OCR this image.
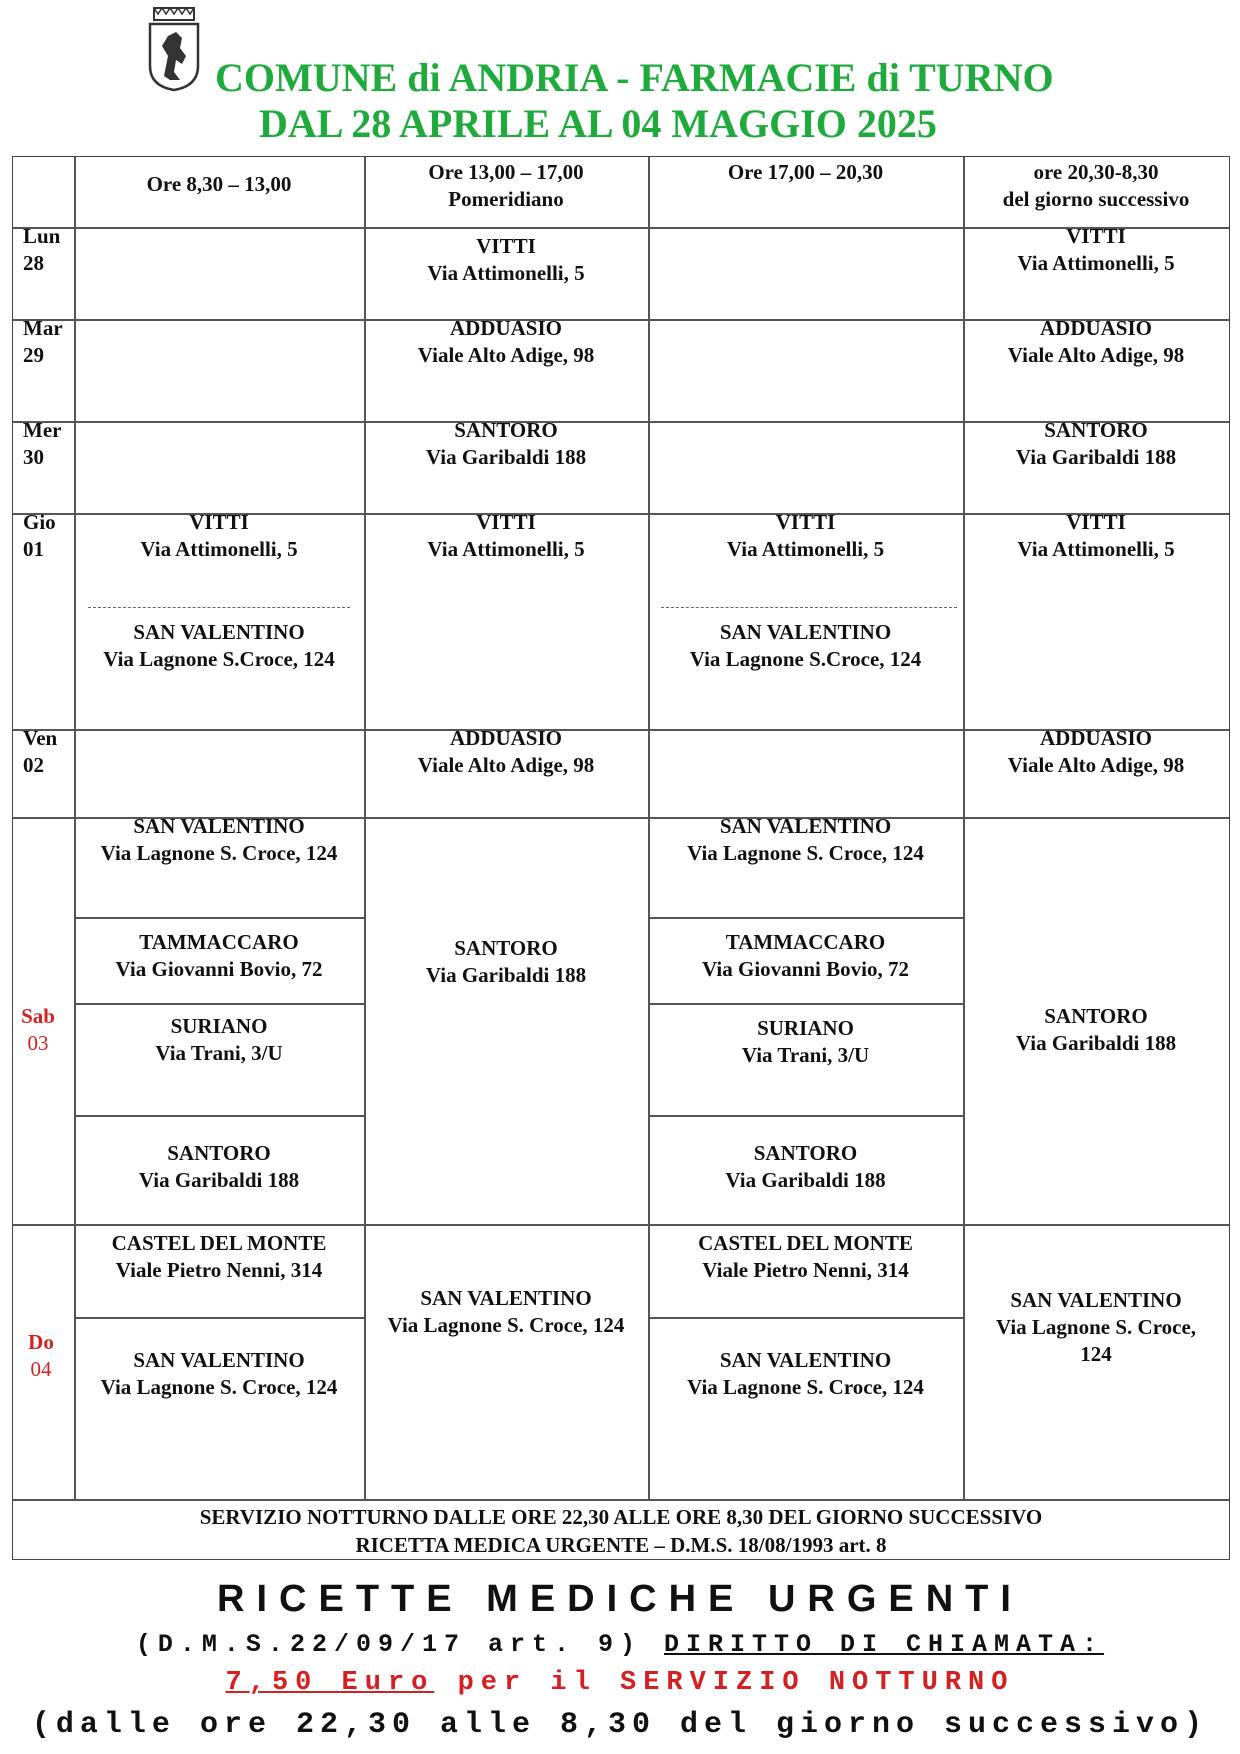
COMUNE di ANDRIA - FARMACIE di TURNO
DAL 28 APRILE AL 04 MAGGIO 2025
Ore 8,30 – 13,00	Ore 13,00 – 17,00
Pomeridiano
Ore 17,00 – 20,30	ore 20,30-8,30
del giorno successivo
Lun
28
Mar
29
Mer
30
Gio
01
Ven
02
Sab
03
Do
04
VITTI
Via Attimonelli, 5
VITTI
Via Attimonelli, 5
ADDUASIO
Viale Alto Adige, 98
ADDUASIO
Viale Alto Adige, 98
SANTORO
Via Garibaldi 188
SANTORO
Via Garibaldi 188
VITTI
Via Attimonelli, 5
SAN VALENTINO
Via Lagnone S.Croce, 124
VITTI
Via Attimonelli, 5
VITTI
Via Attimonelli, 5
SAN VALENTINO
Via Lagnone S.Croce, 124
VITTI
Via Attimonelli, 5
ADDUASIO
Viale Alto Adige, 98
ADDUASIO
Viale Alto Adige, 98
SAN VALENTINO
Via Lagnone S. Croce, 124
TAMMACCARO
Via Giovanni Bovio, 72
SURIANO
Via Trani, 3/U
SANTORO
Via Garibaldi 188
SANTORO
Via Garibaldi 188
SAN VALENTINO
Via Lagnone S. Croce, 124
TAMMACCARO
Via Giovanni Bovio, 72
SURIANO
Via Trani, 3/U
SANTORO
Via Garibaldi 188
SANTORO
Via Garibaldi 188
CASTEL DEL MONTE
Viale Pietro Nenni, 314
SAN VALENTINO
Via Lagnone S. Croce, 124
SAN VALENTINO
Via Lagnone S. Croce, 124
CASTEL DEL MONTE
Viale Pietro Nenni, 314
SAN VALENTINO
Via Lagnone S. Croce, 124
SAN VALENTINO
Via Lagnone S. Croce,
124
SERVIZIO NOTTURNO DALLE ORE 22,30 ALLE ORE 8,30 DEL GIORNO SUCCESSIVO
RICETTA MEDICA URGENTE – D.M.S. 18/08/1993 art. 8
RICETTE MEDICHE URGENTI
(D.M.S.22/09/17 art. 9) DIRITTO DI CHIAMATA:
7,50 Euro per il SERVIZIO NOTTURNO
(dalle ore 22,30 alle 8,30 del giorno successivo)
